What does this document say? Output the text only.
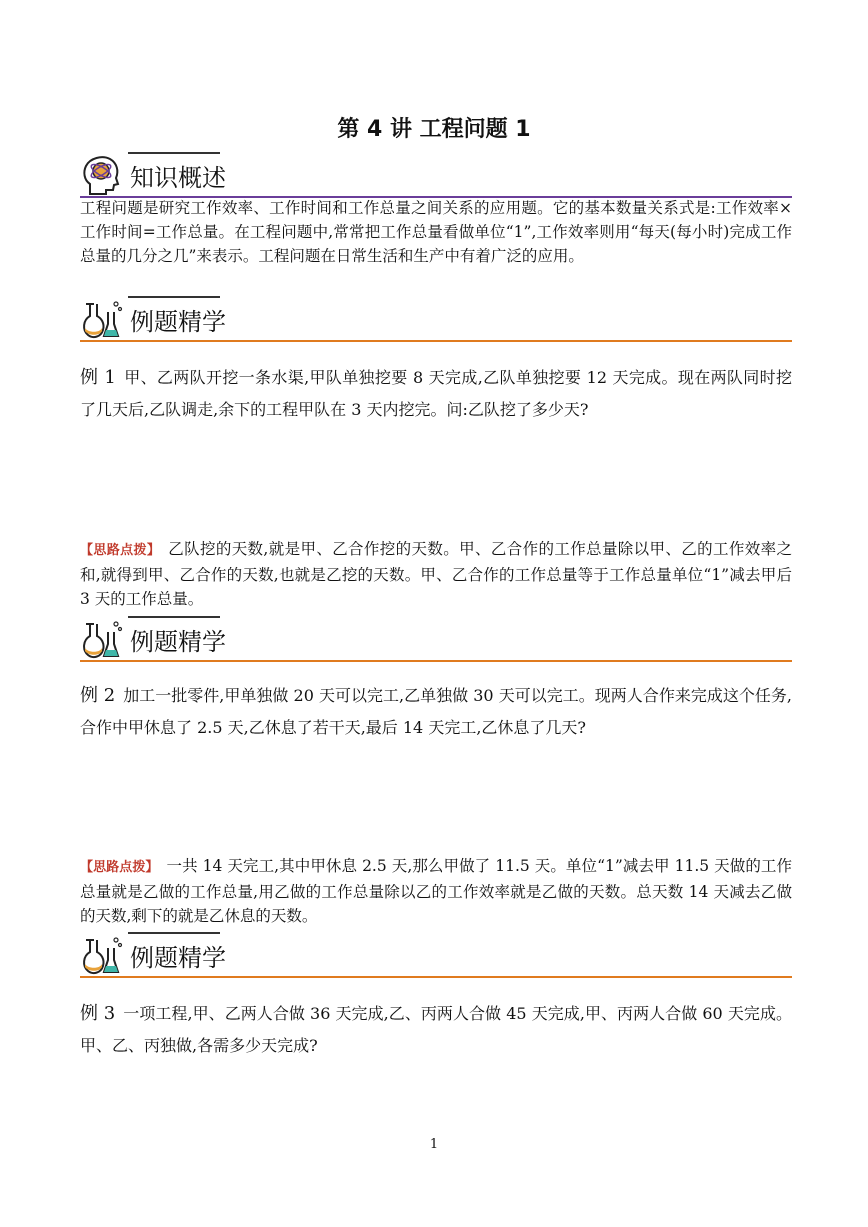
第 4 讲 工程问题 1
知识概述
工程问题是研究工作效率、工作时间和工作总量之间关系的应用题。它的基本数量关系式是:工作效率×工作时间=工作总量。在工程问题中,常常把工作总量看做单位“1”,工作效率则用“每天(每小时)完成工作总量的几分之几”来表示。工程问题在日常生活和生产中有着广泛的应用。
例题精学
例 1 甲、乙两队开挖一条水渠,甲队单独挖要 8 天完成,乙队单独挖要 12 天完成。现在两队同时挖了几天后,乙队调走,余下的工程甲队在 3 天内挖完。问:乙队挖了多少天?
【思路点拨】 乙队挖的天数,就是甲、乙合作挖的天数。甲、乙合作的工作总量除以甲、乙的工作效率之和,就得到甲、乙合作的天数,也就是乙挖的天数。甲、乙合作的工作总量等于工作总量单位“1”减去甲后 3 天的工作总量。
例题精学
例 2 加工一批零件,甲单独做 20 天可以完工,乙单独做 30 天可以完工。现两人合作来完成这个任务,合作中甲休息了 2.5 天,乙休息了若干天,最后 14 天完工,乙休息了几天?
【思路点拨】 一共 14 天完工,其中甲休息 2.5 天,那么甲做了 11.5 天。单位“1”减去甲 11.5 天做的工作总量就是乙做的工作总量,用乙做的工作总量除以乙的工作效率就是乙做的天数。总天数 14 天减去乙做的天数,剩下的就是乙休息的天数。
例题精学
例 3 一项工程,甲、乙两人合做 36 天完成,乙、丙两人合做 45 天完成,甲、丙两人合做 60 天完成。甲、乙、丙独做,各需多少天完成?
1
